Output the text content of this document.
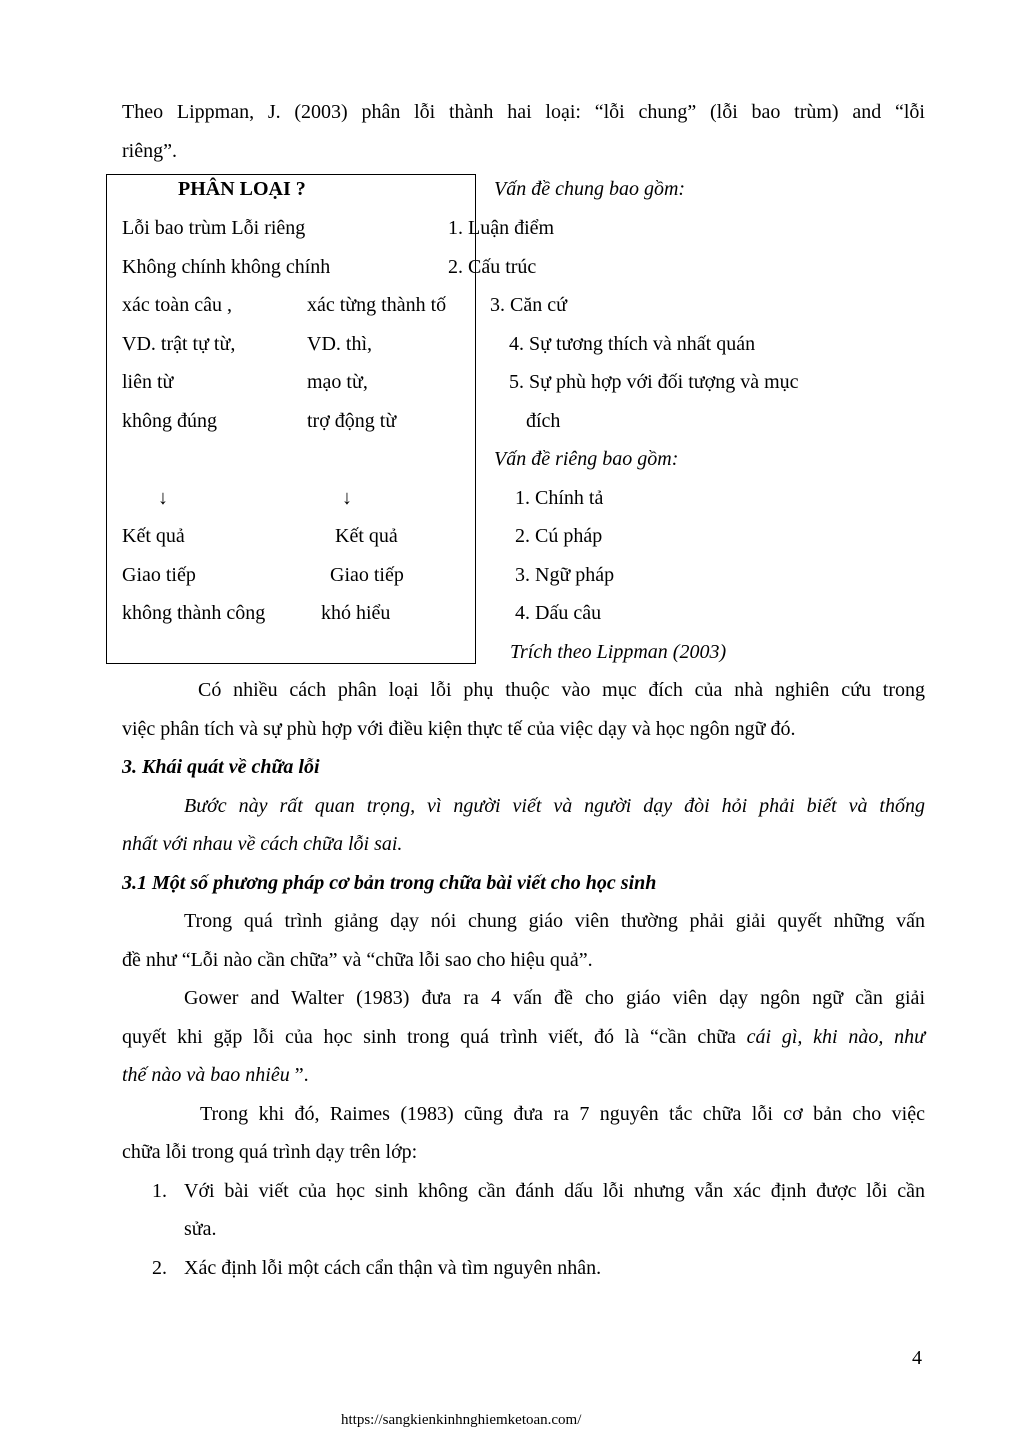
Theo Lippman, J. (2003) phân lỗi thành hai loại: “lỗi chung” (lỗi bao trùm) and “lỗi
riêng”.
PHÂN LOẠI ?
Lỗi bao trùm Lỗi riêng
Không chính không chính
xác toàn câu ,
VD. trật tự từ,
liên từ
không đúng
xác từng thành tố
VD. thì,
mạo từ,
trợ động từ
↓	↓
Kết quả
Giao tiếp
không thành công
Kết quả
Giao tiếp
khó hiểu
Vấn đề chung bao gồm:
1. Luận điểm
2. Cấu trúc
3. Căn cứ
4. Sự tương thích và nhất quán
5. Sự phù hợp với đối tượng và mục
đích
Vấn đề riêng bao gồm:
1. Chính tả
2. Cú pháp
3. Ngữ pháp
4. Dấu câu
Trích theo Lippman (2003)
Có nhiều cách phân loại lỗi phụ thuộc vào mục đích của nhà nghiên cứu trong
việc phân tích và sự phù hợp với điều kiện thực tế của việc dạy và học ngôn ngữ đó.
3. Khái quát về chữa lỗi
Bước này rất quan trọng, vì người viết và người dạy đòi hỏi phải biết và thống
nhất với nhau về cách chữa lỗi sai.
3.1 Một số phương pháp cơ bản trong chữa bài viết cho học sinh
Trong quá trình giảng dạy nói chung giáo viên thường phải giải quyết những vấn
đề như “Lỗi nào cần chữa” và “chữa lỗi sao cho hiệu quả”.
Gower and Walter (1983) đưa ra 4 vấn đề cho giáo viên dạy ngôn ngữ cần giải
quyết khi gặp lỗi của học sinh trong quá trình viết, đó là “cần chữa cái gì, khi nào, như
thế nào và bao nhiêu ”.
Trong khi đó, Raimes (1983) cũng đưa ra 7 nguyên tắc chữa lỗi cơ bản cho việc
chữa lỗi trong quá trình dạy trên lớp:
1. Với bài viết của học sinh không cần đánh dấu lỗi nhưng vẫn xác định được lỗi cần
sửa.
2. Xác định lỗi một cách cẩn thận và tìm nguyên nhân.
4
https://sangkienkinhnghiemketoan.com/
